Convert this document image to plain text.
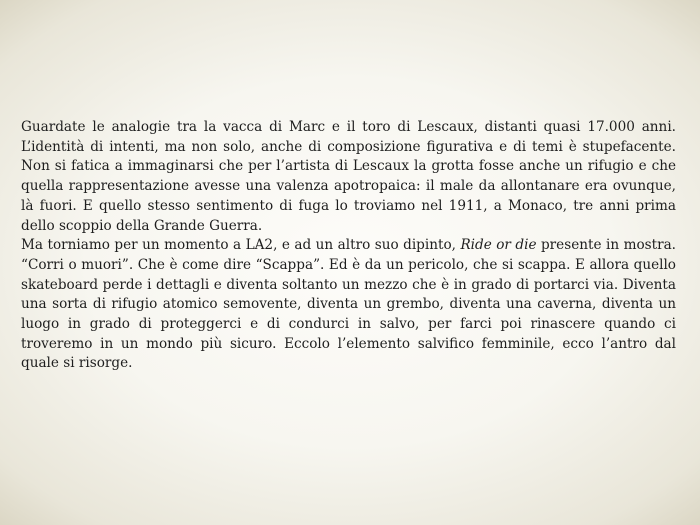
Guardate le analogie tra la vacca di Marc e il toro di Lescaux, distanti quasi 17.000 anni. L’identità di intenti, ma non solo, anche di composizione figurativa e di temi è stupefacente. Non si fatica a immaginarsi che per l’artista di Lescaux la grotta fosse anche un rifugio e che quella rappresentazione avesse una valenza apotropaica: il male da allontanare era ovunque, là fuori. E quello stesso sentimento di fuga lo troviamo nel 1911, a Monaco, tre anni prima dello scoppio della Grande Guerra.

Ma torniamo per un momento a LA2, e ad un altro suo dipinto, Ride or die presente in mostra. “Corri o muori”. Che è come dire “Scappa”. Ed è da un pericolo, che si scappa. E allora quello skateboard perde i dettagli e diventa soltanto un mezzo che è in grado di portarci via. Diventa una sorta di rifugio atomico semovente, diventa un grembo, diventa una caverna, diventa un luogo in grado di proteggerci e di condurci in salvo, per farci poi rinascere quando ci troveremo in un mondo più sicuro. Eccolo l’elemento salvifico femminile, ecco l’antro dal quale si risorge.
